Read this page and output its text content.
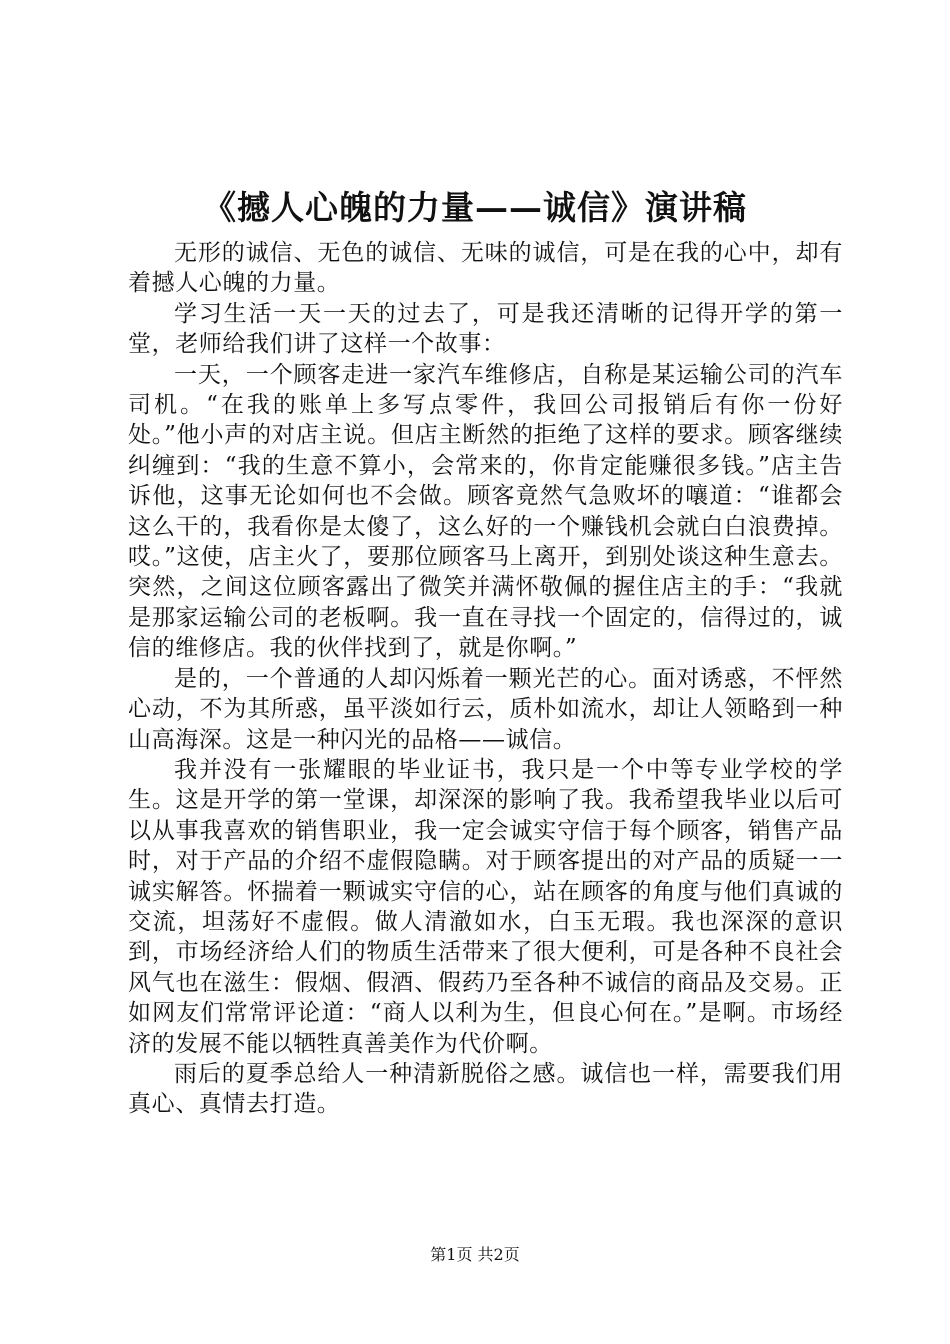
《撼人心魄的力量——诚信》演讲稿

无形的诚信、无色的诚信、无味的诚信，可是在我的心中，却有着撼人心魄的力量。

学习生活一天一天的过去了，可是我还清晰的记得开学的第一堂，老师给我们讲了这样一个故事：

一天，一个顾客走进一家汽车维修店，自称是某运输公司的汽车司机。“在我的账单上多写点零件，我回公司报销后有你一份好处。”他小声的对店主说。但店主断然的拒绝了这样的要求。顾客继续纠缠到：“我的生意不算小，会常来的，你肯定能赚很多钱。”店主告诉他，这事无论如何也不会做。顾客竟然气急败坏的嚷道：“谁都会这么干的，我看你是太傻了，这么好的一个赚钱机会就白白浪费掉。哎。”这使，店主火了，要那位顾客马上离开，到别处谈这种生意去。突然，之间这位顾客露出了微笑并满怀敬佩的握住店主的手：“我就是那家运输公司的老板啊。我一直在寻找一个固定的，信得过的，诚信的维修店。我的伙伴找到了，就是你啊。”

是的，一个普通的人却闪烁着一颗光芒的心。面对诱惑，不怦然心动，不为其所惑，虽平淡如行云，质朴如流水，却让人领略到一种山高海深。这是一种闪光的品格——诚信。

我并没有一张耀眼的毕业证书，我只是一个中等专业学校的学生。这是开学的第一堂课，却深深的影响了我。我希望我毕业以后可以从事我喜欢的销售职业，我一定会诚实守信于每个顾客，销售产品时，对于产品的介绍不虚假隐瞒。对于顾客提出的对产品的质疑一一诚实解答。怀揣着一颗诚实守信的心，站在顾客的角度与他们真诚的交流，坦荡好不虚假。做人清澈如水，白玉无瑕。我也深深的意识到，市场经济给人们的物质生活带来了很大便利，可是各种不良社会风气也在滋生：假烟、假酒、假药乃至各种不诚信的商品及交易。正如网友们常常评论道：“商人以利为生，但良心何在。”是啊。市场经济的发展不能以牺牲真善美作为代价啊。

雨后的夏季总给人一种清新脱俗之感。诚信也一样，需要我们用真心、真情去打造。

第1页 共2页
